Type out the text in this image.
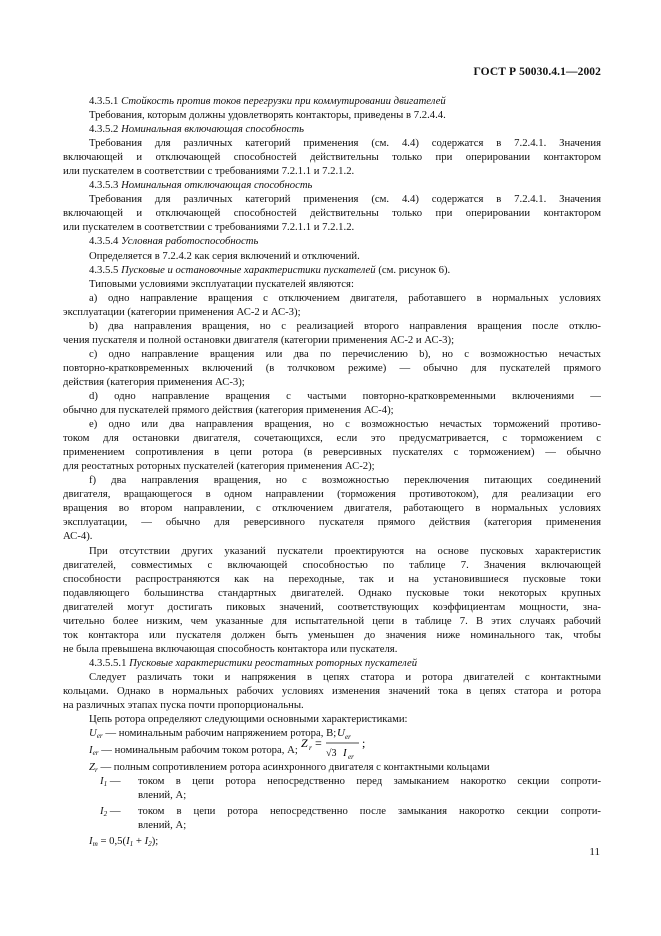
ГОСТ Р 50030.4.1—2002
4.3.5.1 Стойкость против токов перегрузки при коммутировании двигателей
Требования, которым должны удовлетворять контакторы, приведены в 7.2.4.4.
4.3.5.2 Номинальная включающая способность
Требования для различных категорий применения (см. 4.4) содержатся в 7.2.4.1. Значения
включающей и отключающей способностей действительны только при оперировании контактором
или пускателем в соответствии с требованиями 7.2.1.1 и 7.2.1.2.
4.3.5.3 Номинальная отключающая способность
Требования для различных категорий применения (см. 4.4) содержатся в 7.2.4.1. Значения
включающей и отключающей способностей действительны только при оперировании контактором
или пускателем в соответствии с требованиями 7.2.1.1 и 7.2.1.2.
4.3.5.4 Условная работоспособность
Определяется в 7.2.4.2 как серия включений и отключений.
4.3.5.5 Пусковые и остановочные характеристики пускателей (см. рисунок 6).
Типовыми условиями эксплуатации пускателей являются:
а) одно направление вращения с отключением двигателя, работавшего в нормальных условиях
эксплуатации (категории применения АС-2 и АС-3);
b) два направления вращения, но с реализацией второго направления вращения после отклю-
чения пускателя и полной остановки двигателя (категории применения АС-2 и АС-3);
с) одно направление вращения или два по перечислению b), но с возможностью нечастых
повторно-кратковременных включений (в толчковом режиме) — обычно для пускателей прямого
действия (категория применения АС-3);
d) одно направление вращения с частыми повторно-кратковременными включениями —
обычно для пускателей прямого действия (категория применения АС-4);
е) одно или два направления вращения, но с возможностью нечастых торможений противо-
током для остановки двигателя, сочетающихся, если это предусматривается, с торможением с
применением сопротивления в цепи ротора (в реверсивных пускателях с торможением) — обычно
для реостатных роторных пускателей (категория применения АС-2);
f) два направления вращения, но с возможностью переключения питающих соединений
двигателя, вращающегося в одном направлении (торможения противотоком), для реализации его
вращения во втором направлении, с отключением двигателя, работающего в нормальных условиях
эксплуатации, — обычно для реверсивного пускателя прямого действия (категория применения
АС-4).
При отсутствии других указаний пускатели проектируются на основе пусковых характеристик
двигателей, совместимых с включающей способностью по таблице 7. Значения включающей
способности распространяются как на переходные, так и на установившиеся пусковые токи
подавляющего большинства стандартных двигателей. Однако пусковые токи некоторых крупных
двигателей могут достигать пиковых значений, соответствующих коэффициентам мощности, зна-
чительно более низким, чем указанные для испытательной цепи в таблице 7. В этих случаях рабочий
ток контактора или пускателя должен быть уменьшен до значения ниже номинального так, чтобы
не была превышена включающая способность контактора или пускателя.
4.3.5.5.1 Пусковые характеристики реостатных роторных пускателей
Следует различать токи и напряжения в цепях статора и ротора двигателей с контактными
кольцами. Однако в нормальных рабочих условиях изменения значений тока в цепях статора и ротора
на различных этапах пуска почти пропорциональны.
Цепь ротора определяют следующими основными характеристиками:
$U_{er}$ — номинальным рабочим напряжением ротора, В;
$I_{er}$ — номинальным рабочим током ротора, А;
$Z_r$ — полным сопротивлением ротора асинхронного двигателя с контактными кольцами
Z r =
U er
√3 I er
;
$I_1$ — током в цепи ротора непосредственно перед замыканием накоротко секции сопроти-
влений, А;
$I_2$ — током в цепи ротора непосредственно после замыкания накоротко секции сопроти-
влений, А;
$I_m = 0,5(I_1 + I_2)$;
11
